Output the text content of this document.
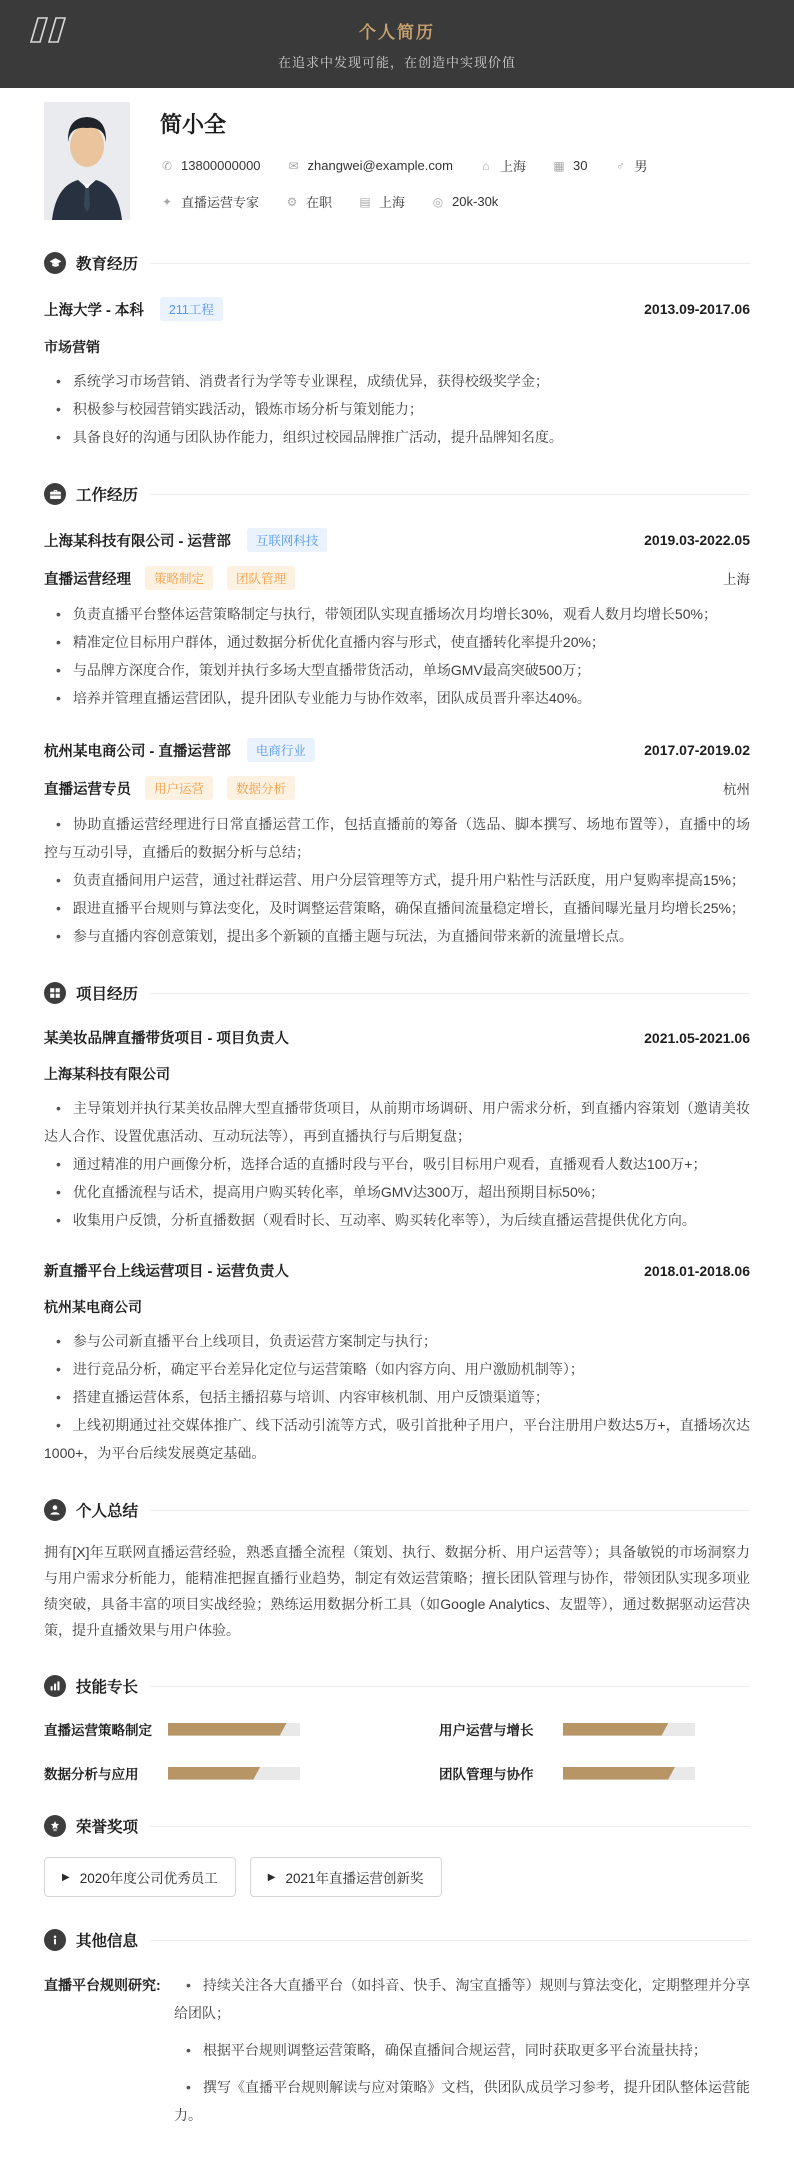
个人简历
在追求中发现可能，在创造中实现价值
简小全
✆ 13800000000 ✉ zhangwei@example.com ⌂ 上海 ▦ 30 ♂ 男
✦ 直播运营专家 ⚙ 在职 ▤ 上海 ◎ 20k-30k
教育经历
上海大学 - 本科	211工程	2013.09-2017.06
市场营销
• 系统学习市场营销、消费者行为学等专业课程，成绩优异，获得校级奖学金；
• 积极参与校园营销实践活动，锻炼市场分析与策划能力；
• 具备良好的沟通与团队协作能力，组织过校园品牌推广活动，提升品牌知名度。
工作经历
上海某科技有限公司 - 运营部	互联网科技	2019.03-2022.05
直播运营经理	策略制定	团队管理	上海
• 负责直播平台整体运营策略制定与执行，带领团队实现直播场次月均增长30%，观看人数月均增长50%；
• 精准定位目标用户群体，通过数据分析优化直播内容与形式，使直播转化率提升20%；
• 与品牌方深度合作，策划并执行多场大型直播带货活动，单场GMV最高突破500万；
• 培养并管理直播运营团队，提升团队专业能力与协作效率，团队成员晋升率达40%。
杭州某电商公司 - 直播运营部	电商行业	2017.07-2019.02
直播运营专员	用户运营	数据分析	杭州
• 协助直播运营经理进行日常直播运营工作，包括直播前的筹备（选品、脚本撰写、场地布置等），直播中的场控与互动引导，直播后的数据分析与总结；
• 负责直播间用户运营，通过社群运营、用户分层管理等方式，提升用户粘性与活跃度，用户复购率提高15%；
• 跟进直播平台规则与算法变化，及时调整运营策略，确保直播间流量稳定增长，直播间曝光量月均增长25%；
• 参与直播内容创意策划，提出多个新颖的直播主题与玩法，为直播间带来新的流量增长点。
项目经历
某美妆品牌直播带货项目 - 项目负责人	2021.05-2021.06
上海某科技有限公司
• 主导策划并执行某美妆品牌大型直播带货项目，从前期市场调研、用户需求分析，到直播内容策划（邀请美妆达人合作、设置优惠活动、互动玩法等），再到直播执行与后期复盘；
• 通过精准的用户画像分析，选择合适的直播时段与平台，吸引目标用户观看，直播观看人数达100万+；
• 优化直播流程与话术，提高用户购买转化率，单场GMV达300万，超出预期目标50%；
• 收集用户反馈，分析直播数据（观看时长、互动率、购买转化率等），为后续直播运营提供优化方向。
新直播平台上线运营项目 - 运营负责人	2018.01-2018.06
杭州某电商公司
• 参与公司新直播平台上线项目，负责运营方案制定与执行；
• 进行竞品分析，确定平台差异化定位与运营策略（如内容方向、用户激励机制等）；
• 搭建直播运营体系，包括主播招募与培训、内容审核机制、用户反馈渠道等；
• 上线初期通过社交媒体推广、线下活动引流等方式，吸引首批种子用户，平台注册用户数达5万+，直播场次达1000+，为平台后续发展奠定基础。
个人总结
拥有[X]年互联网直播运营经验，熟悉直播全流程（策划、执行、数据分析、用户运营等）；具备敏锐的市场洞察力与用户需求分析能力，能精准把握直播行业趋势，制定有效运营策略；擅长团队管理与协作，带领团队实现多项业绩突破，具备丰富的项目实战经验；熟练运用数据分析工具（如Google Analytics、友盟等），通过数据驱动运营决策，提升直播效果与用户体验。
技能专长
直播运营策略制定	用户运营与增长
数据分析与应用	团队管理与协作
荣誉奖项
▶ 2020年度公司优秀员工	▶ 2021年直播运营创新奖
其他信息
直播平台规则研究:	• 持续关注各大直播平台（如抖音、快手、淘宝直播等）规则与算法变化，定期整理并分享给团队；
• 根据平台规则调整运营策略，确保直播间合规运营，同时获取更多平台流量扶持；
• 撰写《直播平台规则解读与应对策略》文档，供团队成员学习参考，提升团队整体运营能力。
